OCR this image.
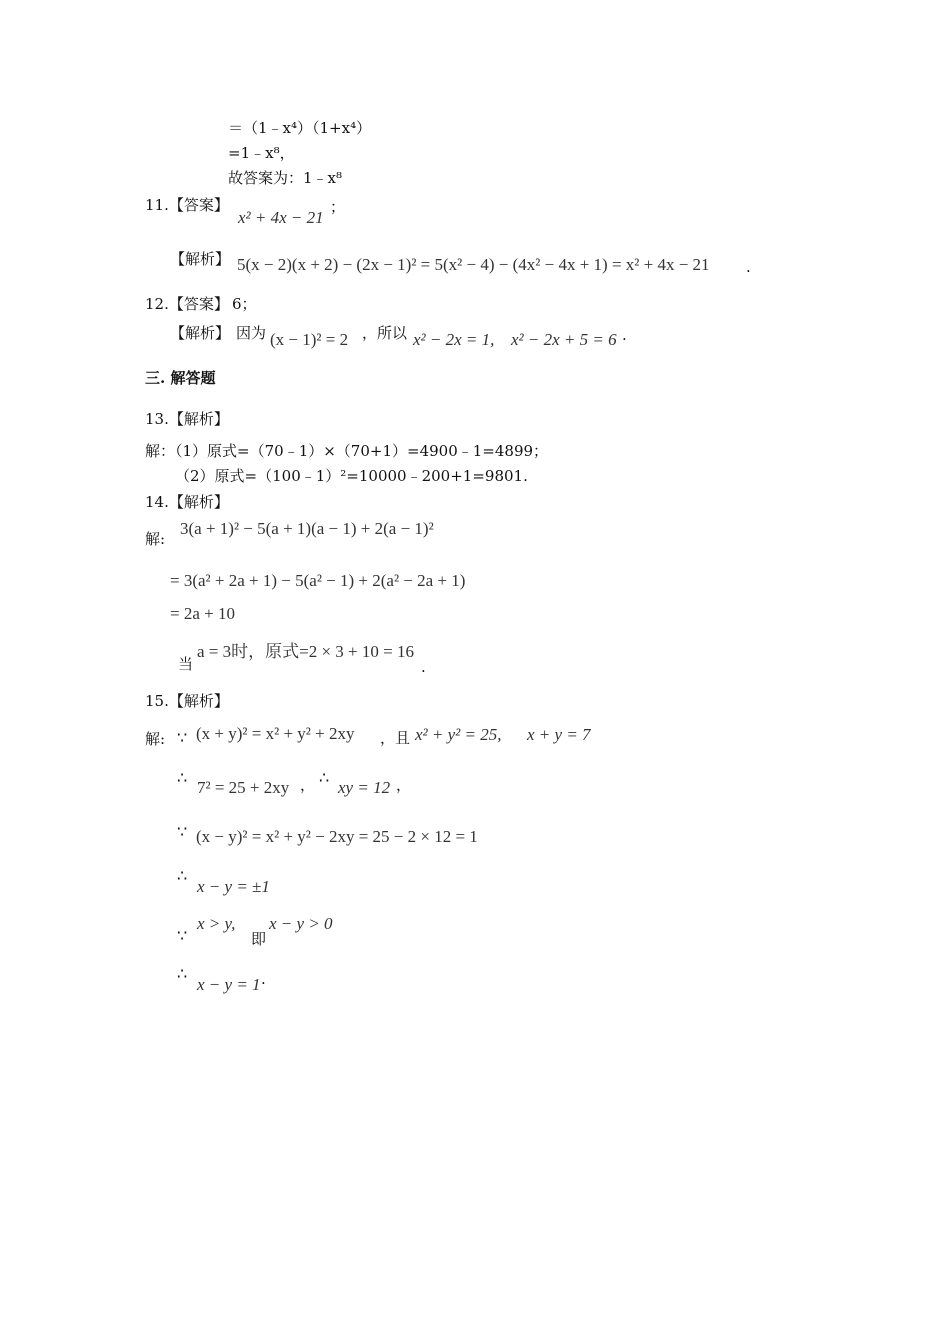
＝（1﹣x⁴）（1+x⁴）
=1﹣x⁸，
故答案为：1﹣x⁸
11.【答案】
x² + 4x − 21
；
【解析】 5(x − 2)(x + 2) − (2x − 1)² = 5(x² − 4) − (4x² − 4x + 1) = x² + 4x − 21 .
12.【答案】 6；
【解析】 因为 (x − 1)² = 2 ，所以 x² − 2x = 1, x² − 2x + 5 = 6 ·
三. 解答题
13.【解析】
解：（1）原式=（70﹣1）×（70+1）=4900﹣1=4899；
（2）原式=（100﹣1）²=10000﹣200+1=9801.
14.【解析】
解:
3(a + 1)² − 5(a + 1)(a − 1) + 2(a − 1)²
= 3(a² + 2a + 1) − 5(a² − 1) + 2(a² − 2a + 1)
= 2a + 10
当
a = 3时，原式=2 × 3 + 10 = 16
.
15.【解析】
解: ∵ (x + y)² = x² + y² + 2xy ，且 x² + y² = 25, x + y = 7
∴
7² = 25 + 2xy ， ∴
xy = 12 ，
∵ (x − y)² = x² + y² − 2xy = 25 − 2 × 12 = 1
∴
x − y = ±1
∵
x > y,
即
x − y > 0
∴
x − y = 1 ·
